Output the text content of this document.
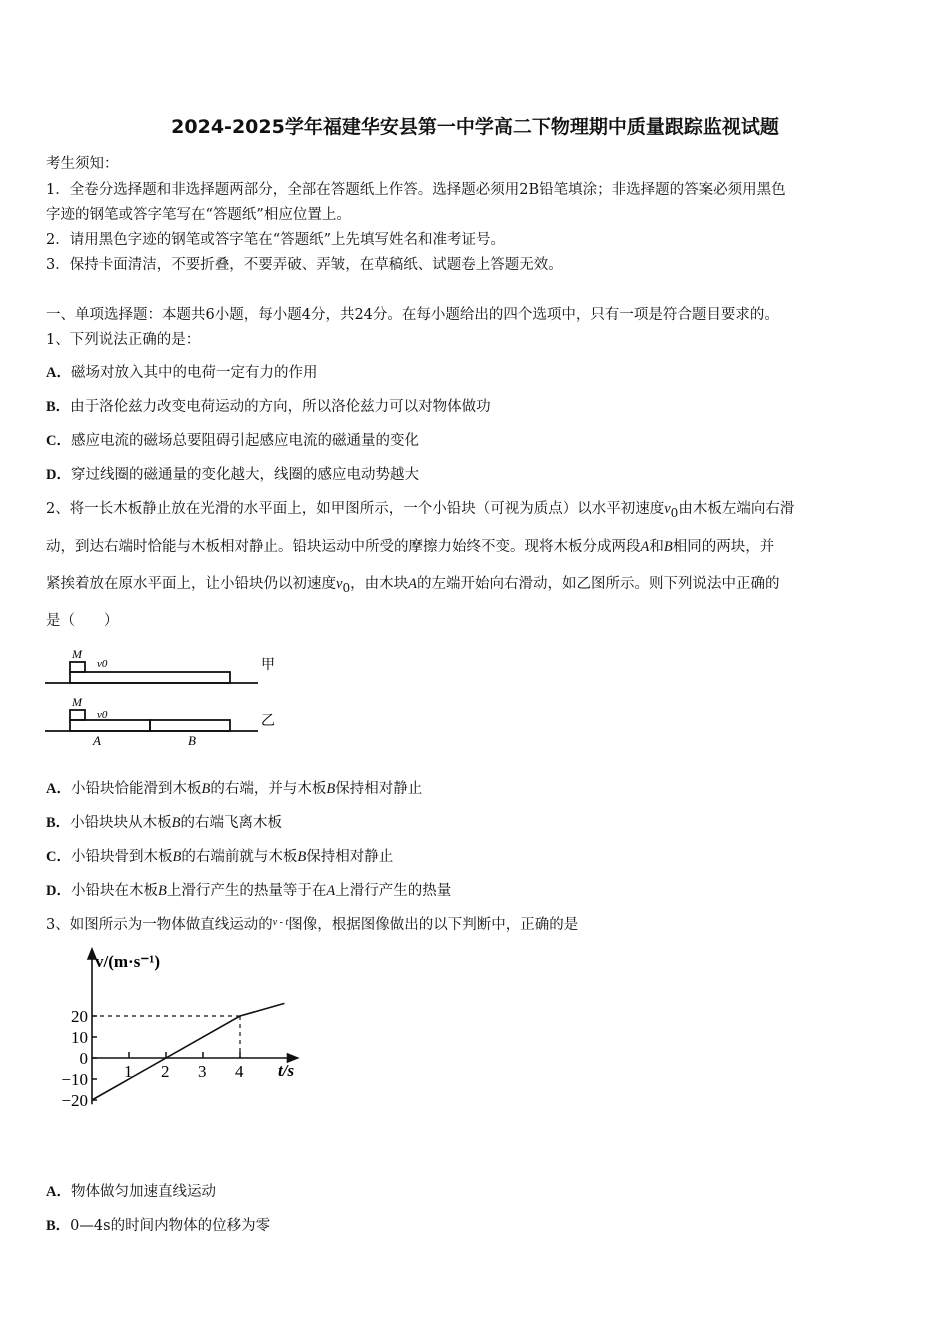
2024-2025学年福建华安县第一中学高二下物理期中质量跟踪监视试题
考生须知：
1．全卷分选择题和非选择题两部分，全部在答题纸上作答。选择题必须用2B铅笔填涂；非选择题的答案必须用黑色
字迹的钢笔或答字笔写在“答题纸”相应位置上。
2．请用黑色字迹的钢笔或答字笔在“答题纸”上先填写姓名和准考证号。
3．保持卡面清洁，不要折叠，不要弄破、弄皱，在草稿纸、试题卷上答题无效。
一、单项选择题：本题共6小题，每小题4分，共24分。在每小题给出的四个选项中，只有一项是符合题目要求的。
1、下列说法正确的是：
A．磁场对放入其中的电荷一定有力的作用
B．由于洛伦兹力改变电荷运动的方向，所以洛伦兹力可以对物体做功
C．感应电流的磁场总要阻碍引起感应电流的磁通量的变化
D．穿过线圈的磁通量的变化越大，线圈的感应电动势越大
2、将一长木板静止放在光滑的水平面上，如甲图所示，一个小铅块（可视为质点）以水平初速度$v_0$由木板左端向右滑
动，到达右端时恰能与木板相对静止。铅块运动中所受的摩擦力始终不变。现将木板分成两段A和B相同的两块，并
紧挨着放在原水平面上，让小铅块仍以初速度$v_0$，由木块A的左端开始向右滑动，如乙图所示。则下列说法中正确的
是（　　）
M
v0	甲
M
v0	乙
A	B
A．小铅块恰能滑到木板B的右端，并与木板B保持相对静止
B．小铅块块从木板B的右端飞离木板
C．小铅块骨到木板B的右端前就与木板B保持相对静止
D．小铅块在木板B上滑行产生的热量等于在A上滑行产生的热量
3、如图所示为一物体做直线运动的$^{v - t}$图像，根据图像做出的以下判断中，正确的是
1 2 3 4
20
10
0
−10
−20
v/(m·s⁻¹)
t/s
A．物体做匀加速直线运动
B．0—4s的时间内物体的位移为零
